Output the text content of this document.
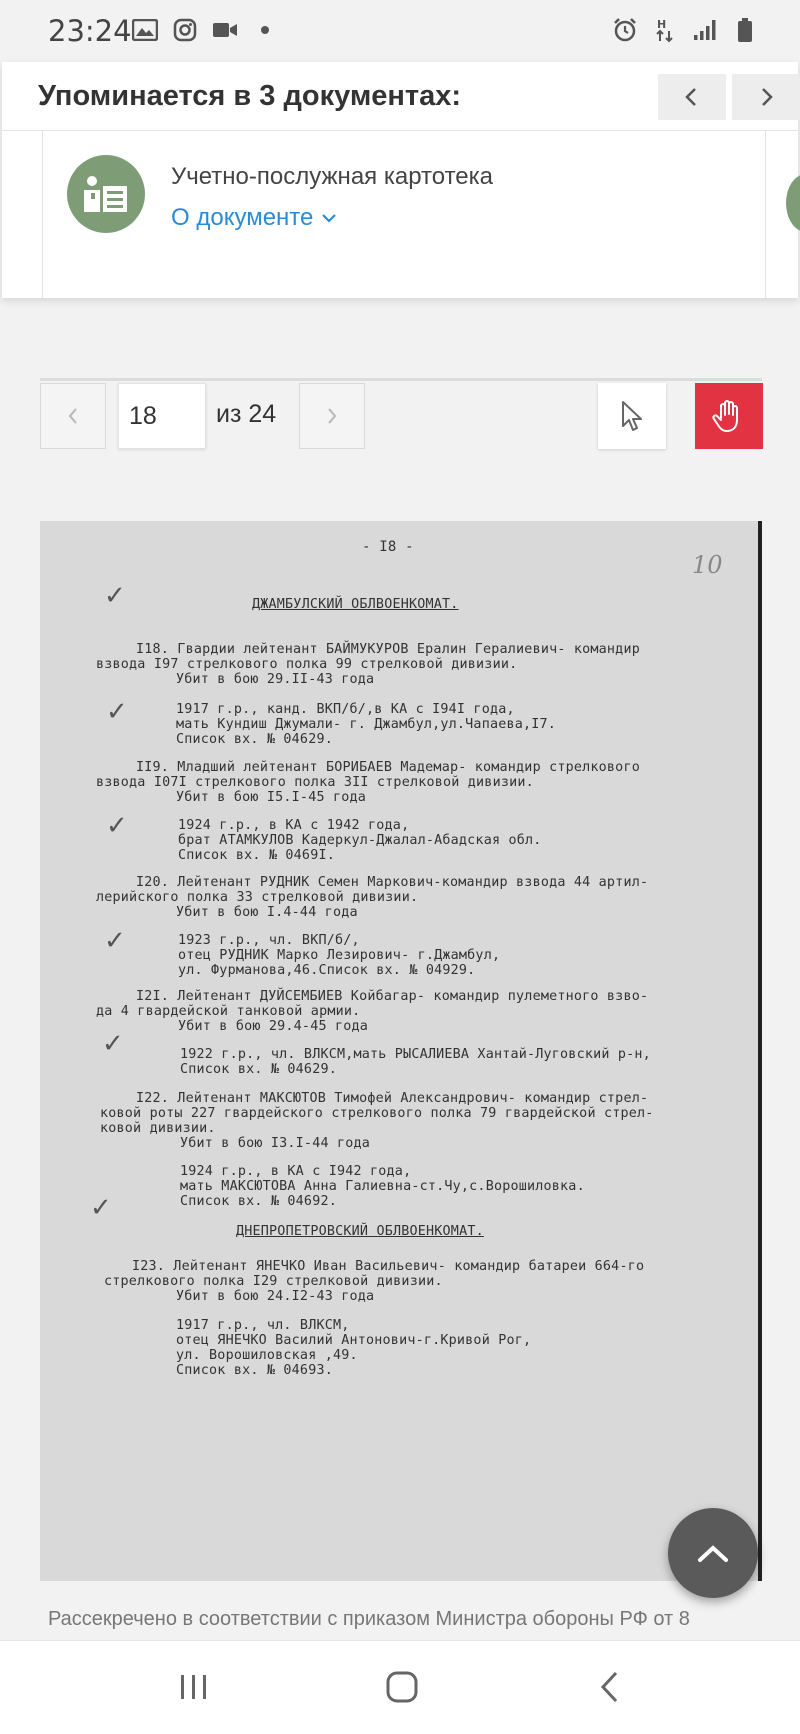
23:24	H
Упоминается в 3 документах:
Учетно-послужная картотека
О документе
18
из 24
- I8 -
10
✓
✓
✓
✓
✓
✓
ДЖАМБУЛСКИЙ ОБЛВОЕНКОМАТ.
I18. Гвардии лейтенант БАЙМУКУРОВ Ералин Гералиевич- командир
взвода I97 стрелкового полка 99 стрелковой дивизии.
Убит в бою 29.II-43 года
1917 г.р., канд. ВКП/б/,в КА с I94I года,
мать Кундиш Джумали- г. Джамбул,ул.Чапаева,I7.
Список вх. № 04629.
II9. Младший лейтенант БОРИБАЕВ Мадемар- командир стрелкового
взвода I07I стрелкового полка 3II стрелковой дивизии.
Убит в бою I5.I-45 года
1924 г.р., в КА с 1942 года,
брат АТАМКУЛОВ Кадеркул-Джалал-Абадская обл.
Список вх. № 0469I.
I20. Лейтенант РУДНИК Семен Маркович-командир взвода 44 артил-
лерийского полка 33 стрелковой дивизии.
Убит в бою I.4-44 года
1923 г.р., чл. ВКП/б/,
отец РУДНИК Марко Лезирович- г.Джамбул,
ул. Фурманова,46.Список вх. № 04929.
I2I. Лейтенант ДУЙСЕМБИЕВ Койбагар- командир пулеметного взво-
да 4 гвардейской танковой армии.
Убит в бою 29.4-45 года
1922 г.р., чл. ВЛКСМ,мать РЫСАЛИЕВА Хантай-Луговский р-н,
Список вх. № 04629.
I22. Лейтенант МАКСЮТОВ Тимофей Александрович- командир стрел-
ковой роты 227 гвардейского стрелкового полка 79 гвардейской стрел-
ковой дивизии.
Убит в бою I3.I-44 года
1924 г.р., в КА с I942 года,
мать МАКСЮТОВА Анна Галиевна-ст.Чу,с.Ворошиловка.
Список вх. № 04692.
ДНЕПРОПЕТРОВСКИЙ ОБЛВОЕНКОМАТ.
I23. Лейтенант ЯНЕЧКО Иван Васильевич- командир батареи 664-го
стрелкового полка I29 стрелковой дивизии.
Убит в бою 24.I2-43 года
1917 г.р., чл. ВЛКСМ,
отец ЯНЕЧКО Василий Антонович-г.Кривой Рог,
ул. Ворошиловская ,49.
Список вх. № 04693.
Рассекречено в соответствии с приказом Министра обороны РФ от 8
